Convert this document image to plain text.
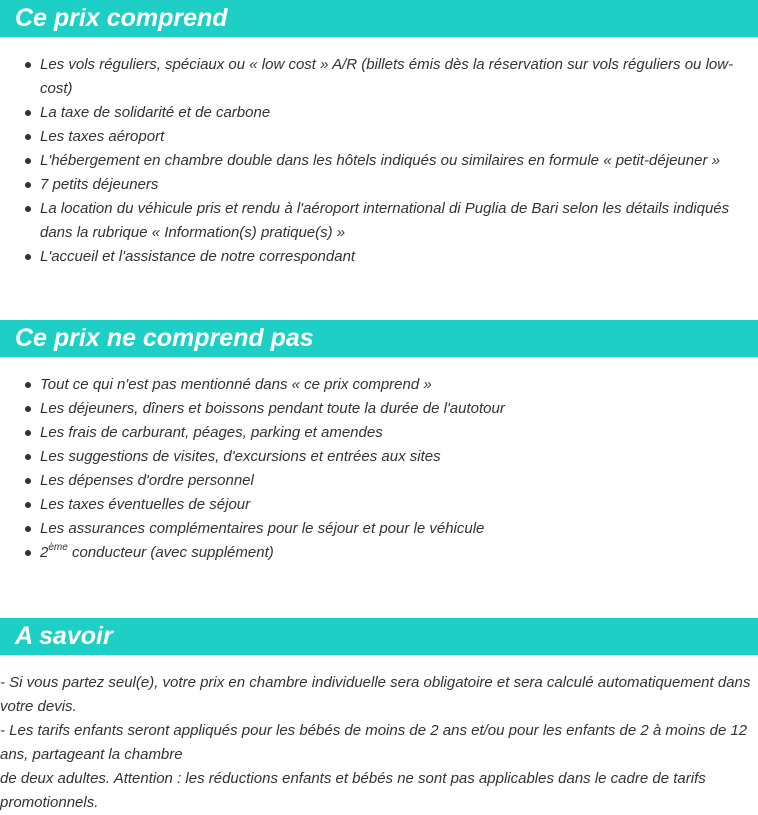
Ce prix comprend
Les vols réguliers, spéciaux ou « low cost » A/R (billets émis dès la réservation sur vols réguliers ou low-cost)
La taxe de solidarité et de carbone
Les taxes aéroport
L'hébergement en chambre double dans les hôtels indiqués ou similaires en formule « petit-déjeuner »
7 petits déjeuners
La location du véhicule pris et rendu à l'aéroport international di Puglia de Bari selon les détails indiqués dans la rubrique « Information(s) pratique(s) »
L'accueil et l'assistance de notre correspondant
Ce prix ne comprend pas
Tout ce qui n'est pas mentionné dans « ce prix comprend »
Les déjeuners, dîners et boissons pendant toute la durée de l'autotour
Les frais de carburant, péages, parking et amendes
Les suggestions de visites, d'excursions et entrées aux sites
Les dépenses d'ordre personnel
Les taxes éventuelles de séjour
Les assurances complémentaires pour le séjour et pour le véhicule
2ème conducteur (avec supplément)
A savoir

- Si vous partez seul(e), votre prix en chambre individuelle sera obligatoire et sera calculé automatiquement dans votre devis.

- Les tarifs enfants seront appliqués pour les bébés de moins de 2 ans et/ou pour les enfants de 2 à moins de 12 ans, partageant la chambre

de deux adultes. Attention : les réductions enfants et bébés ne sont pas applicables dans le cadre de tarifs promotionnels.
